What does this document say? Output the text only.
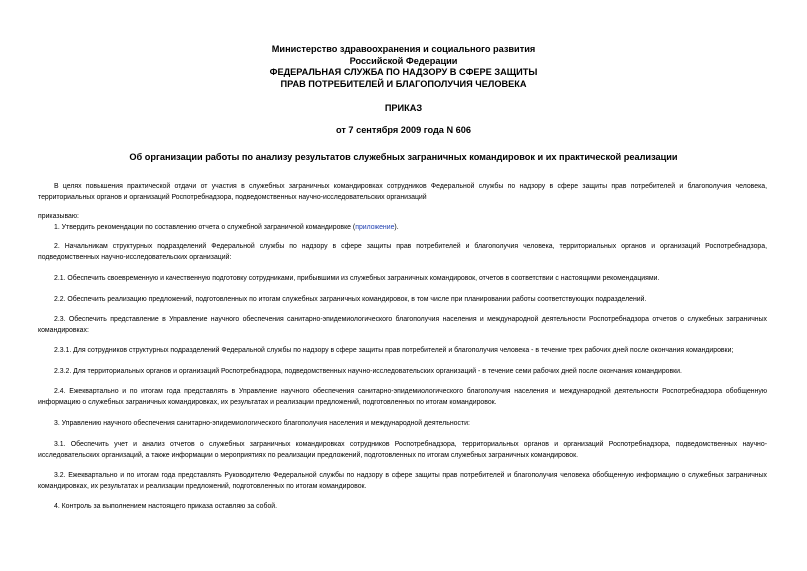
Министерство здравоохранения и социального развития
Российской Федерации
ФЕДЕРАЛЬНАЯ СЛУЖБА ПО НАДЗОРУ В СФЕРЕ ЗАЩИТЫ
ПРАВ ПОТРЕБИТЕЛЕЙ И БЛАГОПОЛУЧИЯ ЧЕЛОВЕКА
ПРИКАЗ
от 7 сентября 2009 года N 606
Об организации работы по анализу результатов служебных заграничных командировок и их практической реализации
В целях повышения практической отдачи от участия в служебных заграничных командировках сотрудников Федеральной службы по надзору в сфере защиты прав потребителей и благополучия человека, территориальных органов и организаций Роспотребнадзора, подведомственных научно-исследовательских организаций
приказываю:
1. Утвердить рекомендации по составлению отчета о служебной заграничной командировке (приложение).
2. Начальникам структурных подразделений Федеральной службы по надзору в сфере защиты прав потребителей и благополучия человека, территориальных органов и организаций Роспотребнадзора, подведомственных научно-исследовательских организаций:
2.1. Обеспечить своевременную и качественную подготовку сотрудниками, прибывшими из служебных заграничных командировок, отчетов в соответствии с настоящими рекомендациями.
2.2. Обеспечить реализацию предложений, подготовленных по итогам служебных заграничных командировок, в том числе при планировании работы соответствующих подразделений.
2.3. Обеспечить представление в Управление научного обеспечения санитарно-эпидемиологического благополучия населения и международной деятельности Роспотребнадзора отчетов о служебных заграничных командировках:
2.3.1. Для сотрудников структурных подразделений Федеральной службы по надзору в сфере защиты прав потребителей и благополучия человека - в течение трех рабочих дней после окончания командировки;
2.3.2. Для территориальных органов и организаций Роспотребнадзора, подведомственных научно-исследовательских организаций - в течение семи рабочих дней после окончания командировки.
2.4. Ежеквартально и по итогам года представлять в Управление научного обеспечения санитарно-эпидемиологического благополучия населения и международной деятельности Роспотребнадзора обобщенную информацию о служебных заграничных командировках, их результатах и реализации предложений, подготовленных по итогам командировок.
3. Управлению научного обеспечения санитарно-эпидемиологического благополучия населения и международной деятельности:
3.1. Обеспечить учет и анализ отчетов о служебных заграничных командировках сотрудников Роспотребнадзора, территориальных органов и организаций Роспотребнадзора, подведомственных научно-исследовательских организаций, а также информации о мероприятиях по реализации предложений, подготовленных по итогам служебных заграничных командировок.
3.2. Ежеквартально и по итогам года представлять Руководителю Федеральной службы по надзору в сфере защиты прав потребителей и благополучия человека обобщенную информацию о служебных заграничных командировках, их результатах и реализации предложений, подготовленных по итогам командировок.
4. Контроль за выполнением настоящего приказа оставляю за собой.
